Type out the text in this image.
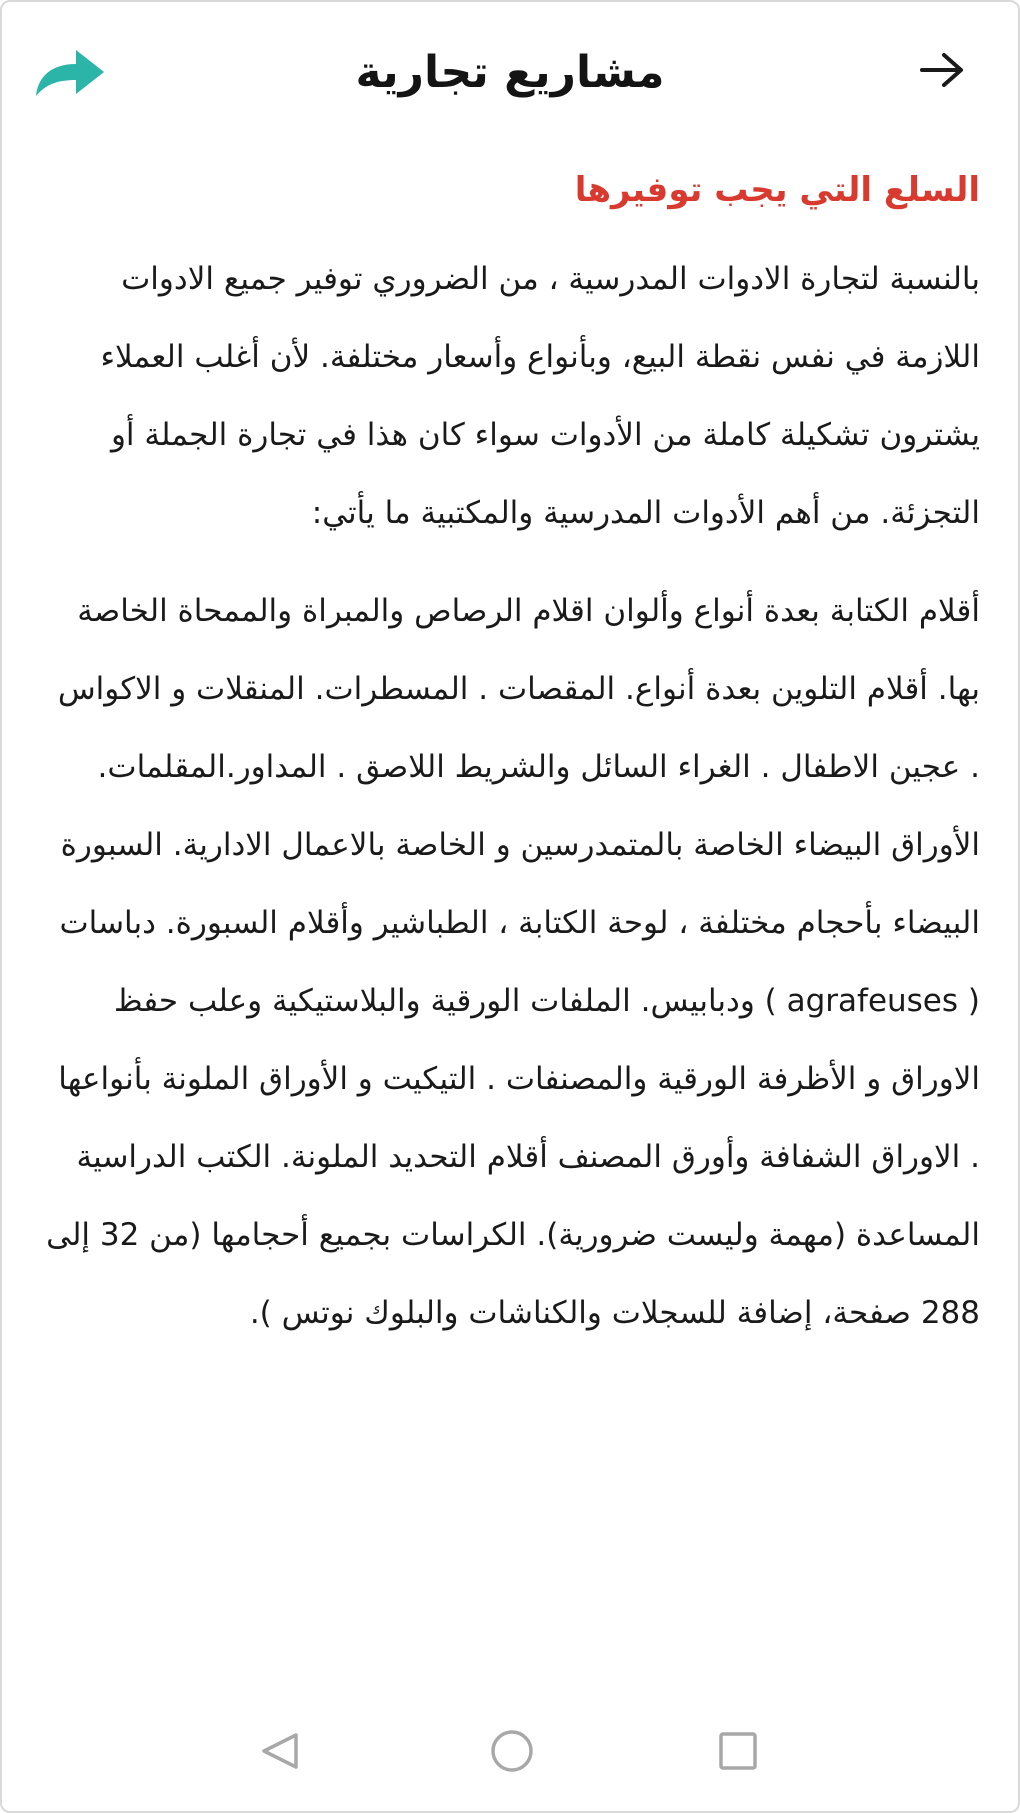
مشاريع تجارية
السلع التي يجب توفيرها

بالنسبة لتجارة الادوات المدرسية ، من الضروري توفير جميع الادوات اللازمة في نفس نقطة البيع، وبأنواع وأسعار مختلفة. لأن أغلب العملاء يشترون تشكيلة كاملة من الأدوات سواء كان هذا في تجارة الجملة أو التجزئة. من أهم الأدوات المدرسية والمكتبية ما يأتي:

أقلام الكتابة بعدة أنواع وألوان اقلام الرصاص والمبراة والممحاة الخاصة بها. أقلام التلوين بعدة أنواع. المقصات . المسطرات. المنقلات و الاكواس . عجين الاطفال . الغراء السائل والشريط اللاصق . المداور.المقلمات. الأوراق البيضاء الخاصة بالمتمدرسين و الخاصة بالاعمال الادارية. السبورة البيضاء بأحجام مختلفة ، لوحة الكتابة ، الطباشير وأقلام السبورة. دباسات ( agrafeuses ) ودبابيس. الملفات الورقية والبلاستيكية وعلب حفظ الاوراق و الأظرفة الورقية والمصنفات . التيكيت و الأوراق الملونة بأنواعها . الاوراق الشفافة وأورق المصنف أقلام التحديد الملونة. الكتب الدراسية المساعدة (مهمة وليست ضرورية). الكراسات بجميع أحجامها (من 32 إلى 288 صفحة، إضافة للسجلات والكناشات والبلوك نوتس ).
